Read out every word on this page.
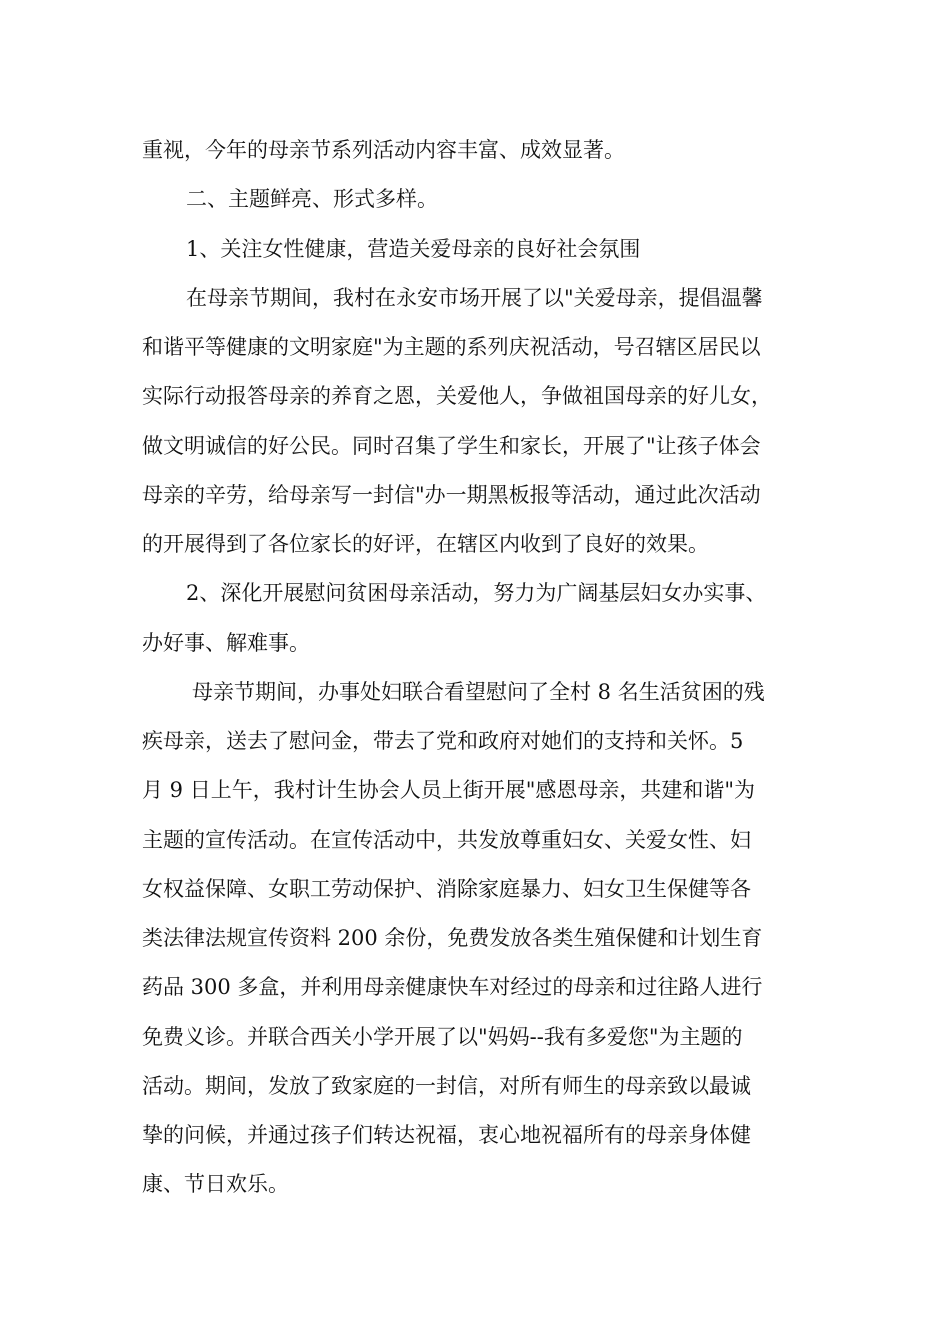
重视，今年的母亲节系列活动内容丰富、成效显著。
二、主题鲜亮、形式多样。
1、关注女性健康，营造关爱母亲的良好社会氛围
在母亲节期间，我村在永安市场开展了以"关爱母亲，提倡温馨
和谐平等健康的文明家庭"为主题的系列庆祝活动，号召辖区居民以
实际行动报答母亲的养育之恩，关爱他人，争做祖国母亲的好儿女，
做文明诚信的好公民。同时召集了学生和家长，开展了"让孩子体会
母亲的辛劳，给母亲写一封信"办一期黑板报等活动，通过此次活动
的开展得到了各位家长的好评，在辖区内收到了良好的效果。
2、深化开展慰问贫困母亲活动，努力为广阔基层妇女办实事、
办好事、解难事。
母亲节期间，办事处妇联合看望慰问了全村 8 名生活贫困的残
疾母亲，送去了慰问金，带去了党和政府对她们的支持和关怀。5
月 9 日上午，我村计生协会人员上街开展"感恩母亲，共建和谐"为
主题的宣传活动。在宣传活动中，共发放尊重妇女、关爱女性、妇
女权益保障、女职工劳动保护、消除家庭暴力、妇女卫生保健等各
类法律法规宣传资料 200 余份，免费发放各类生殖保健和计划生育
药品 300 多盒，并利用母亲健康快车对经过的母亲和过往路人进行
免费义诊。并联合西关小学开展了以"妈妈--我有多爱您"为主题的
活动。期间，发放了致家庭的一封信，对所有师生的母亲致以最诚
挚的问候，并通过孩子们转达祝福，衷心地祝福所有的母亲身体健
康、节日欢乐。
